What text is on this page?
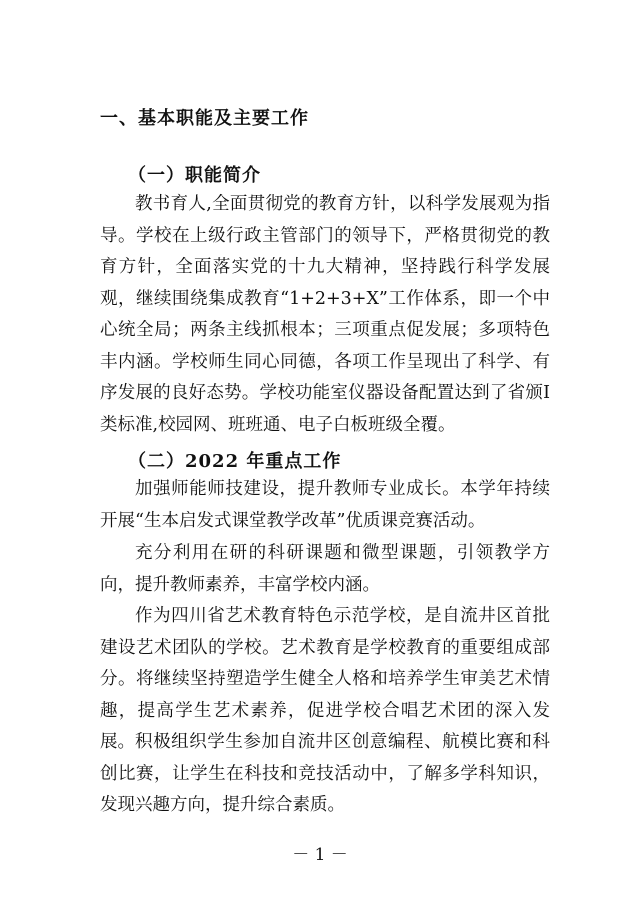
一、基本职能及主要工作
（一）职能简介

教书育人,全面贯彻党的教育方针，以科学发展观为指导。学校在上级行政主管部门的领导下，严格贯彻党的教育方针，全面落实党的十九大精神，坚持践行科学发展观，继续围绕集成教育“1+2+3+X”工作体系，即一个中心统全局；两条主线抓根本；三项重点促发展；多项特色丰内涵。学校师生同心同德，各项工作呈现出了科学、有序发展的良好态势。学校功能室仪器设备配置达到了省颁Ⅰ类标准,校园网、班班通、电子白板班级全覆。

（二）2022 年重点工作

加强师能师技建设，提升教师专业成长。本学年持续开展“生本启发式课堂教学改革”优质课竞赛活动。

充分利用在研的科研课题和微型课题，引领教学方向，提升教师素养，丰富学校内涵。

作为四川省艺术教育特色示范学校，是自流井区首批建设艺术团队的学校。艺术教育是学校教育的重要组成部分。将继续坚持塑造学生健全人格和培养学生审美艺术情趣，提高学生艺术素养，促进学校合唱艺术团的深入发展。 积极组织学生参加自流井区创意编程、航模比赛和科创比赛，让学生在科技和竞技活动中，了解多学科知识，发现兴趣方向，提升综合素质。

－ 1 －
